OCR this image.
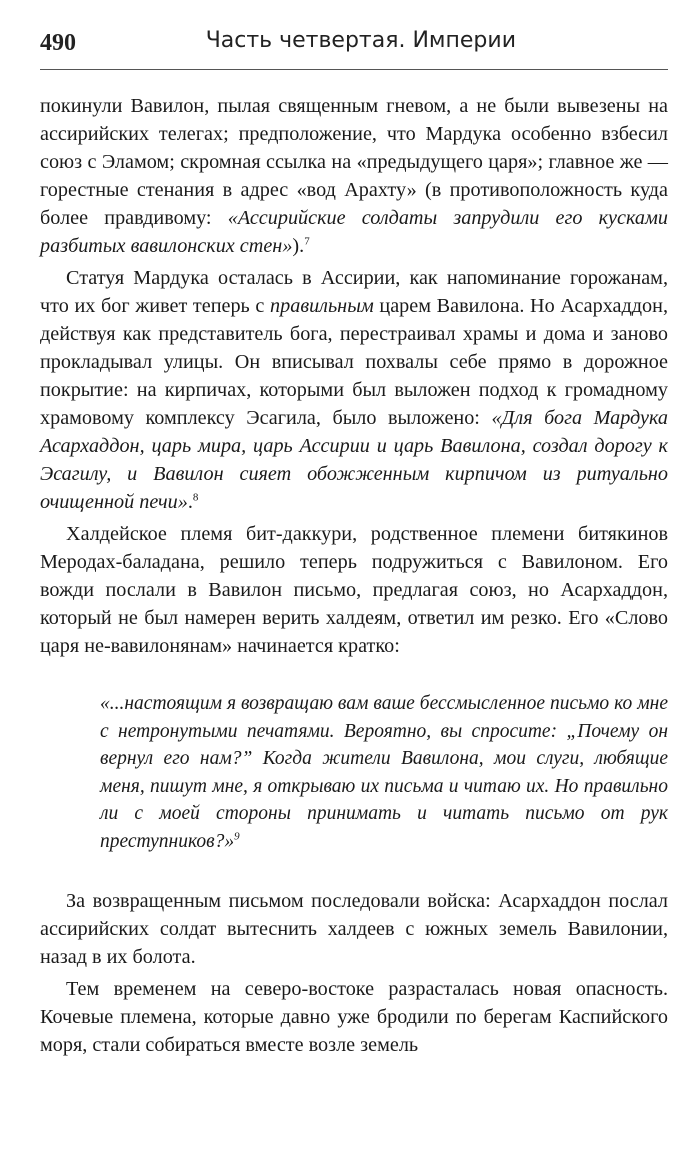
490	Часть четвертая. Империи

покинули Вавилон, пылая священным гневом, а не были вывезены на ассирийских телегах; предположение, что Мардука особенно взбесил союз с Эламом; скромная ссылка на «предыдущего царя»; главное же — горестные стенания в адрес «вод Арахту» (в противоположность куда более правдивому: «Ассирийские солдаты запрудили его кусками разбитых вавилонских стен»).$^7$

Статуя Мардука осталась в Ассирии, как напоминание горожанам, что их бог живет теперь с правильным царем Вавилона. Но Асархаддон, действуя как представитель бога, перестраивал храмы и дома и заново прокладывал улицы. Он вписывал похвалы себе прямо в дорожное покрытие: на кирпичах, которыми был выложен подход к громадному храмовому комплексу Эсагила, было выложено: «Для бога Мардука Асархаддон, царь мира, царь Ассирии и царь Вавилона, создал дорогу к Эсагилу, и Вавилон сияет обожженным кирпичом из ритуально очищенной печи».$^8$

Халдейское племя бит-даккури, родственное племени битякинов Меродах-баладана, решило теперь подружиться с Вавилоном. Его вожди послали в Вавилон письмо, предлагая союз, но Асархаддон, который не был намерен верить халдеям, ответил им резко. Его «Слово царя не-вавилонянам» начинается кратко:

«...настоящим я возвращаю вам ваше бессмысленное письмо ко мне с нетронутыми печатями. Вероятно, вы спросите: „Почему он вернул его нам?” Когда жители Вавилона, мои слуги, любящие меня, пишут мне, я открываю их письма и читаю их. Но правильно ли с моей стороны принимать и читать письмо от рук преступников?»$^9$

За возвращенным письмом последовали войска: Асархаддон послал ассирийских солдат вытеснить халдеев с южных земель Вавилонии, назад в их болота.

Тем временем на северо-востоке разрасталась новая опасность. Кочевые племена, которые давно уже бродили по берегам Каспийского моря, стали собираться вместе возле земель
